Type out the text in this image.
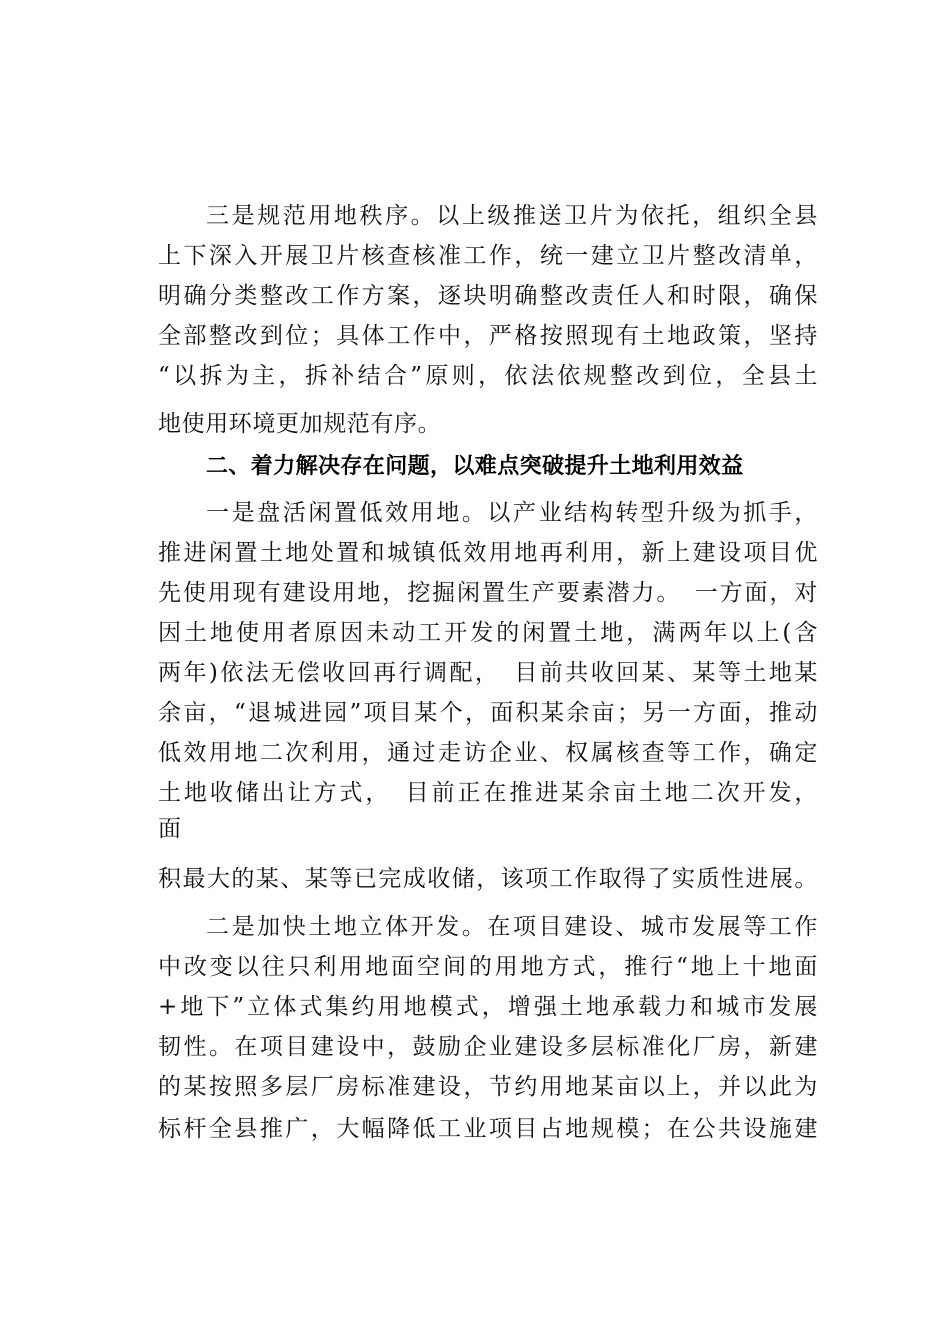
三是规范用地秩序。以上级推送卫片为依托，组织全县
上下深入开展卫片核查核准工作，统一建立卫片整改清单，
明确分类整改工作方案，逐块明确整改责任人和时限，确保
全部整改到位；具体工作中，严格按照现有土地政策，坚持
“以拆为主，拆补结合”原则，依法依规整改到位，全县土
地使用环境更加规范有序。
二、着力解决存在问题，以难点突破提升土地利用效益
一是盘活闲置低效用地。以产业结构转型升级为抓手，
推进闲置土地处置和城镇低效用地再利用，新上建设项目优
先使用现有建设用地，挖掘闲置生产要素潜力。　一方面，对
因土地使用者原因未动工开发的闲置土地，满两年以上(含
两年)依法无偿收回再行调配，　目前共收回某、某等土地某
余亩，“退城进园”项目某个，面积某余亩；另一方面，推动
低效用地二次利用，通过走访企业、权属核查等工作，确定
土地收储出让方式，　目前正在推进某余亩土地二次开发，
面
积最大的某、某等已完成收储，该项工作取得了实质性进展。
二是加快土地立体开发。在项目建设、城市发展等工作
中改变以往只利用地面空间的用地方式，推行“地上十地面
+地下”立体式集约用地模式，增强土地承载力和城市发展
韧性。在项目建设中，鼓励企业建设多层标准化厂房，新建
的某按照多层厂房标准建设，节约用地某亩以上，并以此为
标杆全县推广，大幅降低工业项目占地规模；在公共设施建
